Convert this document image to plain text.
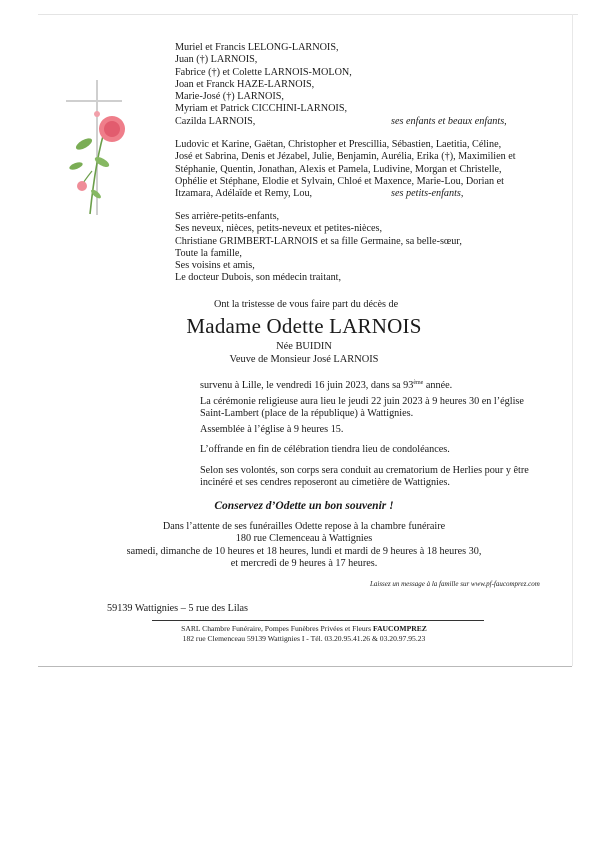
Muriel et Francis LELONG-LARNOIS,
Juan (†) LARNOIS,
Fabrice (†) et Colette LARNOIS-MOLON,
Joan et Franck HAZE-LARNOIS,
Marie-José (†) LARNOIS,
Myriam et Patrick CICCHINI-LARNOIS,
Cazilda LARNOIS,	ses enfants et beaux enfants,
Ludovic et Karine, Gaëtan, Christopher et Prescillia, Sébastien, Laetitia, Céline,
José et Sabrina, Denis et Jézabel, Julie, Benjamin, Aurélia, Erika (†), Maximilien et
Stéphanie, Quentin, Jonathan, Alexis et Pamela, Ludivine, Morgan et Christelle,
Ophélie et Stéphane, Elodie et Sylvain, Chloé et Maxence, Marie-Lou, Dorian et
Itzamara, Adélaïde et Remy, Lou,	ses petits-enfants,
Ses arrière-petits-enfants,
Ses neveux, nièces, petits-neveux et petites-nièces,
Christiane GRIMBERT-LARNOIS et sa fille Germaine, sa belle-sœur,
Toute la famille,
Ses voisins et amis,
Le docteur Dubois, son médecin traitant,
Ont la tristesse de vous faire part du décès de
Madame Odette LARNOIS
Née BUIDIN
Veuve de Monsieur José LARNOIS
survenu à Lille, le vendredi 16 juin 2023, dans sa 93ème année.
La cérémonie religieuse aura lieu le jeudi 22 juin 2023 à 9 heures 30 en l’église
Saint-Lambert (place de la république) à Wattignies.
Assemblée à l’église à 9 heures 15.
L’offrande en fin de célébration tiendra lieu de condoléances.
Selon ses volontés, son corps sera conduit au crematorium de Herlies pour y être
incinéré et ses cendres reposeront au cimetière de Wattignies.
Conservez d’Odette un bon souvenir !
Dans l’attente de ses funérailles Odette repose à la chambre funéraire
180 rue Clemenceau à Wattignies
samedi, dimanche de 10 heures et 18 heures, lundi et mardi de 9 heures à 18 heures 30,
et mercredi de 9 heures à 17 heures.
Laissez un message à la famille sur www.pf-faucomprez.com
59139 Wattignies – 5 rue des Lilas
SARL Chambre Funéraire, Pompes Funèbres Privées et Fleurs FAUCOMPREZ
182 rue Clemenceau 59139 Wattignies I - Tél. 03.20.95.41.26 & 03.20.97.95.23
